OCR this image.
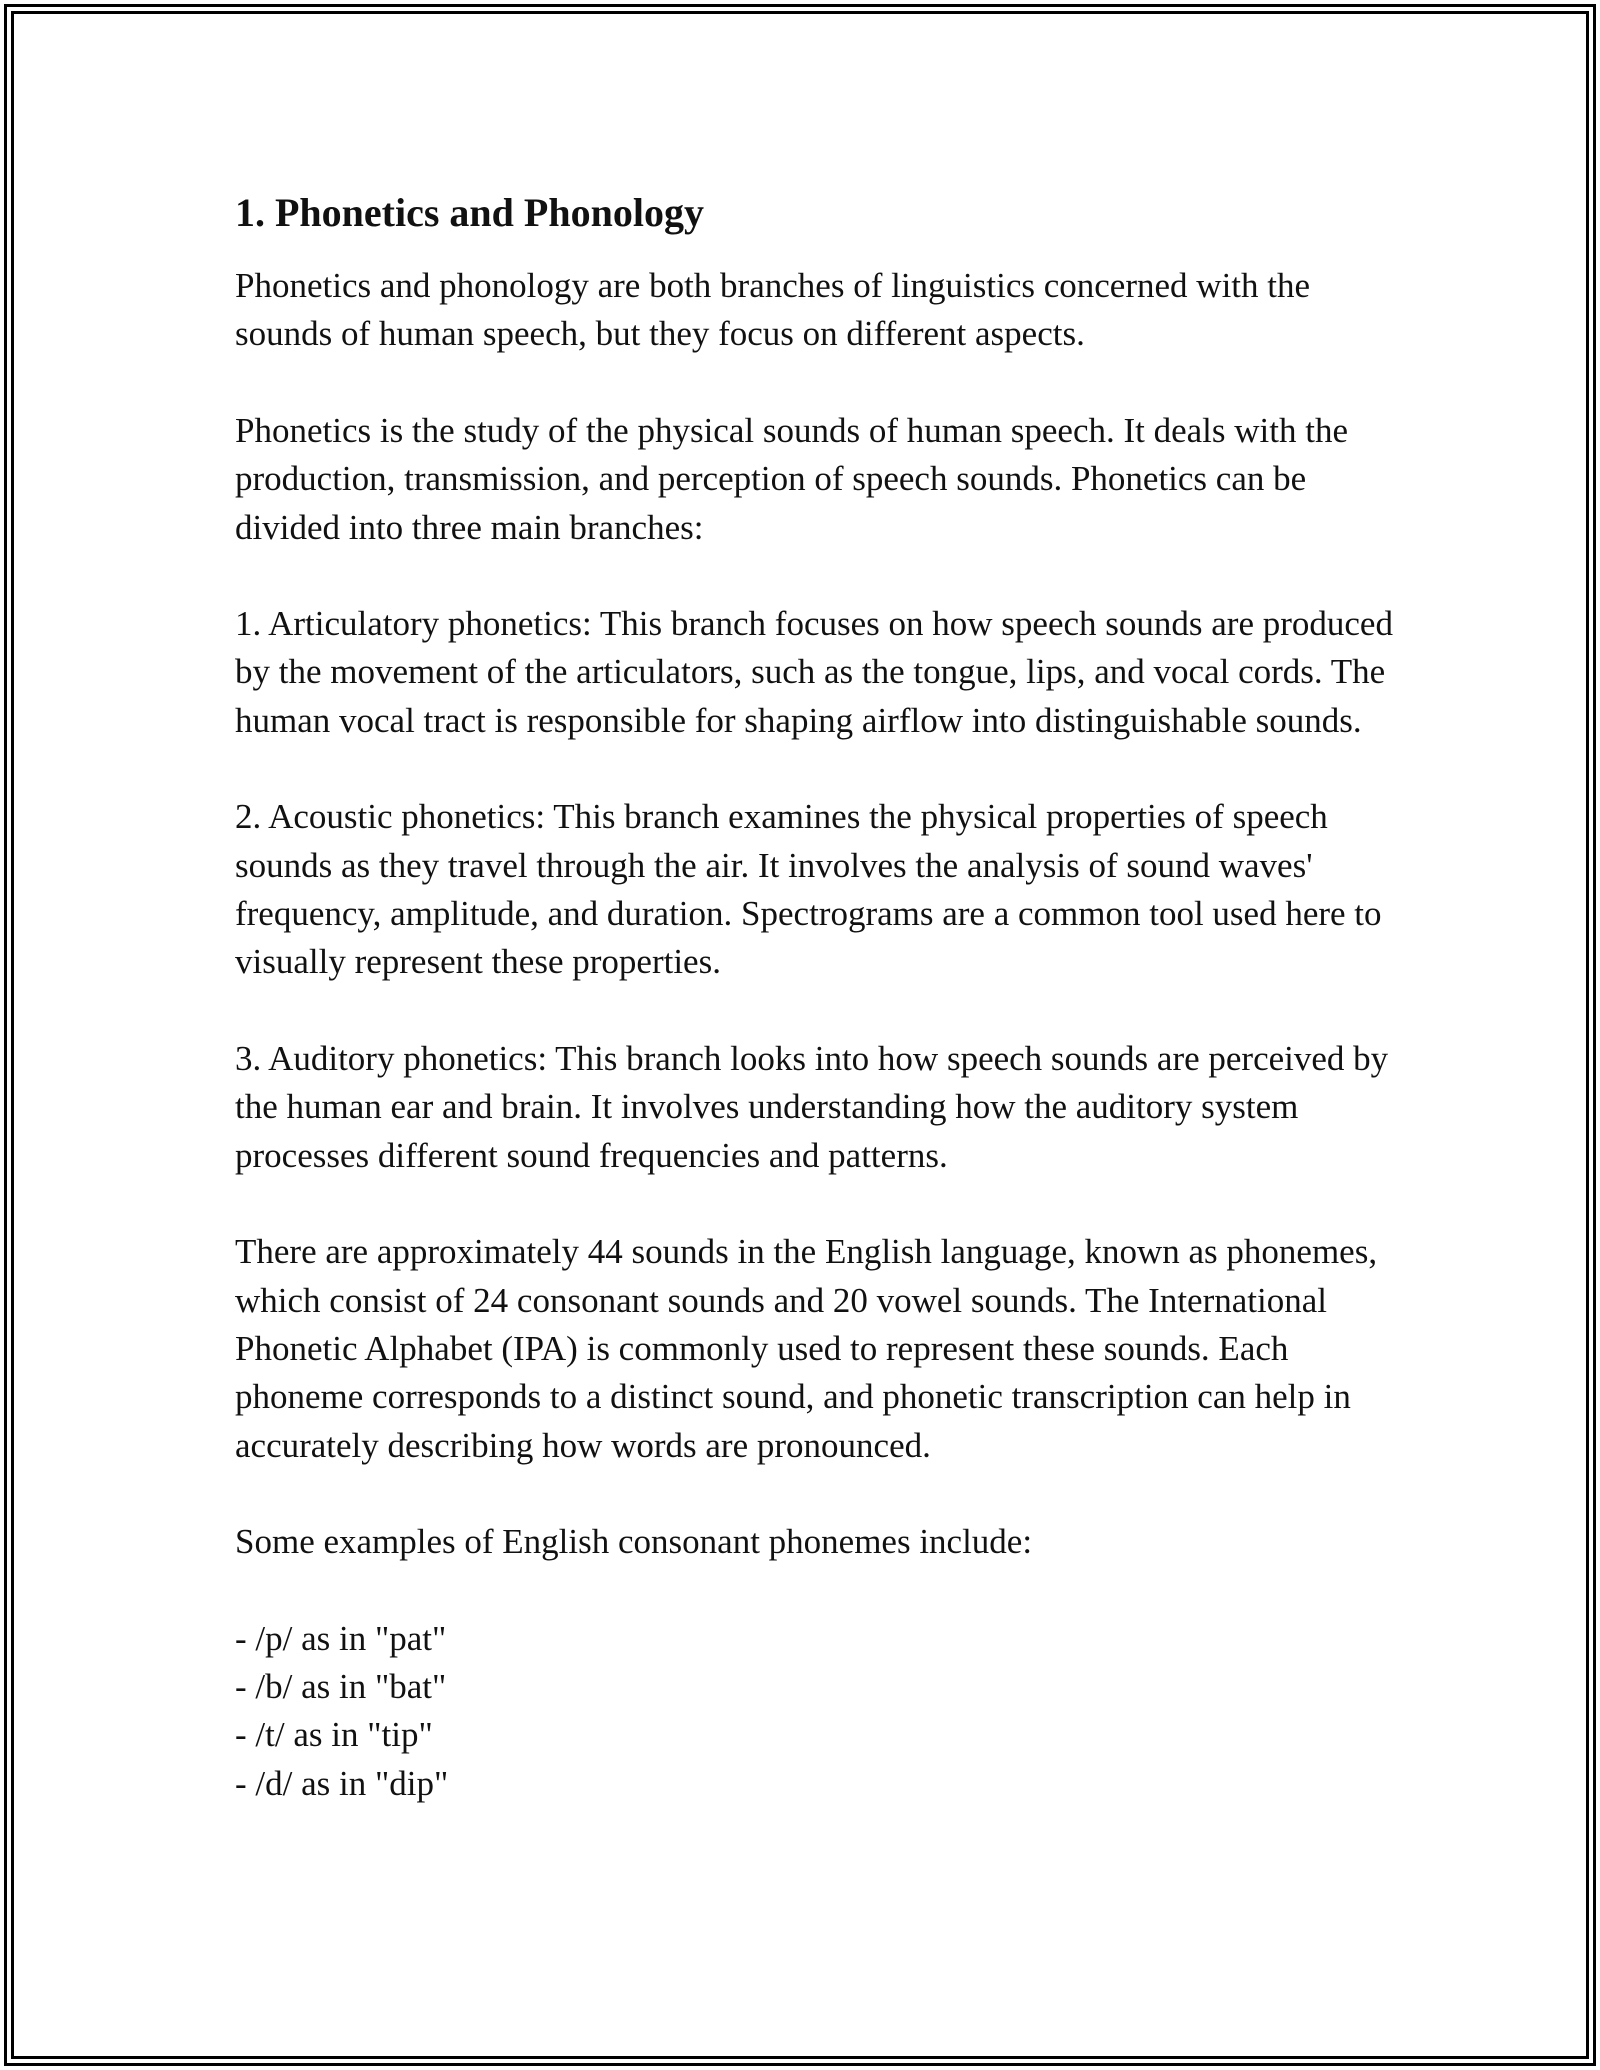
1. Phonetics and Phonology

Phonetics and phonology are both branches of linguistics concerned with the sounds of human speech, but they focus on different aspects.

Phonetics is the study of the physical sounds of human speech. It deals with the production, transmission, and perception of speech sounds. Phonetics can be divided into three main branches:

1. Articulatory phonetics: This branch focuses on how speech sounds are produced by the movement of the articulators, such as the tongue, lips, and vocal cords. The human vocal tract is responsible for shaping airflow into distinguishable sounds.

2. Acoustic phonetics: This branch examines the physical properties of speech sounds as they travel through the air. It involves the analysis of sound waves' frequency, amplitude, and duration. Spectrograms are a common tool used here to visually represent these properties.

3. Auditory phonetics: This branch looks into how speech sounds are perceived by the human ear and brain. It involves understanding how the auditory system processes different sound frequencies and patterns.

There are approximately 44 sounds in the English language, known as phonemes, which consist of 24 consonant sounds and 20 vowel sounds. The International Phonetic Alphabet (IPA) is commonly used to represent these sounds. Each phoneme corresponds to a distinct sound, and phonetic transcription can help in accurately describing how words are pronounced.

Some examples of English consonant phonemes include:

- /p/ as in "pat"
- /b/ as in "bat"
- /t/ as in "tip"
- /d/ as in "dip"
